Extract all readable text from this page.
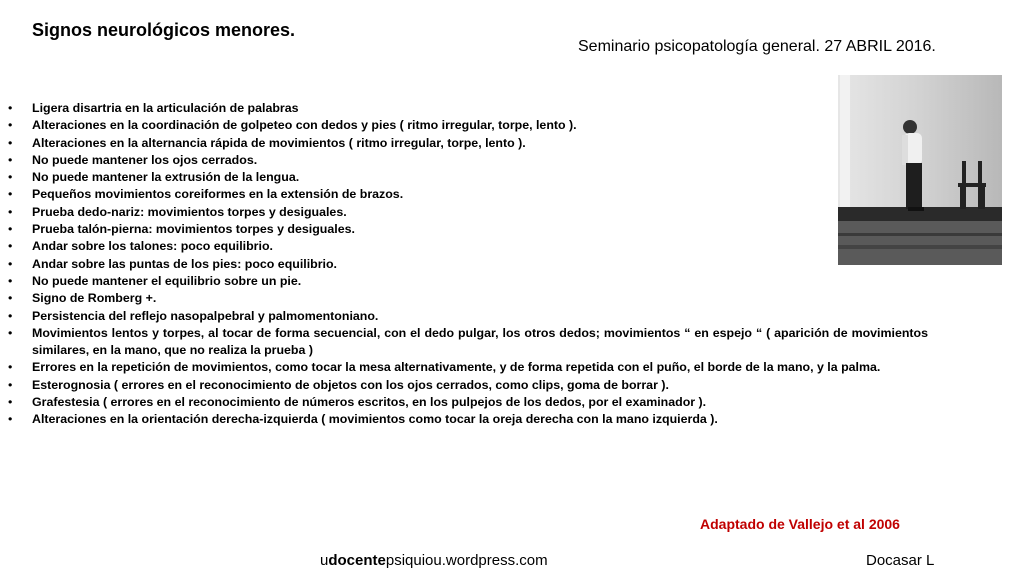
Signos neurológicos menores.

Seminario psicopatología general. 27 ABRIL 2016.

• Ligera disartria en la articulación de palabras
• Alteraciones en la coordinación de golpeteo con dedos y pies ( ritmo irregular, torpe, lento ).
• Alteraciones en la alternancia rápida de movimientos ( ritmo irregular, torpe, lento ).
• No puede mantener los ojos cerrados.
• No puede mantener la extrusión de la lengua.
• Pequeños movimientos coreiformes en la extensión de brazos.
• Prueba dedo-nariz: movimientos torpes y desiguales.
• Prueba talón-pierna: movimientos torpes y desiguales.
• Andar sobre los talones: poco equilibrio.
• Andar sobre las puntas de los pies: poco equilibrio.
• No puede mantener el equilibrio sobre un pie.
• Signo de Romberg +.
• Persistencia del reflejo nasopalpebral y palmomentoniano.
• Movimientos lentos y torpes, al tocar de forma secuencial, con el dedo pulgar, los otros dedos; movimientos “ en espejo “ ( aparición de movimientos similares, en la mano, que no realiza la prueba )
• Errores en la repetición de movimientos, como tocar la mesa alternativamente, y de forma repetida con el puño, el borde de la mano, y la palma.
• Esterognosia ( errores en el reconocimiento de objetos con los ojos cerrados, como clips, goma de borrar ).
• Grafestesia ( errores en el reconocimiento de números escritos, en los pulpejos de los dedos, por el examinador ).
• Alteraciones en la orientación derecha-izquierda ( movimientos como tocar la oreja derecha con la mano izquierda ).

Adaptado de Vallejo et al 2006

udocentepsiquiou.wordpress.com	Docasar L
